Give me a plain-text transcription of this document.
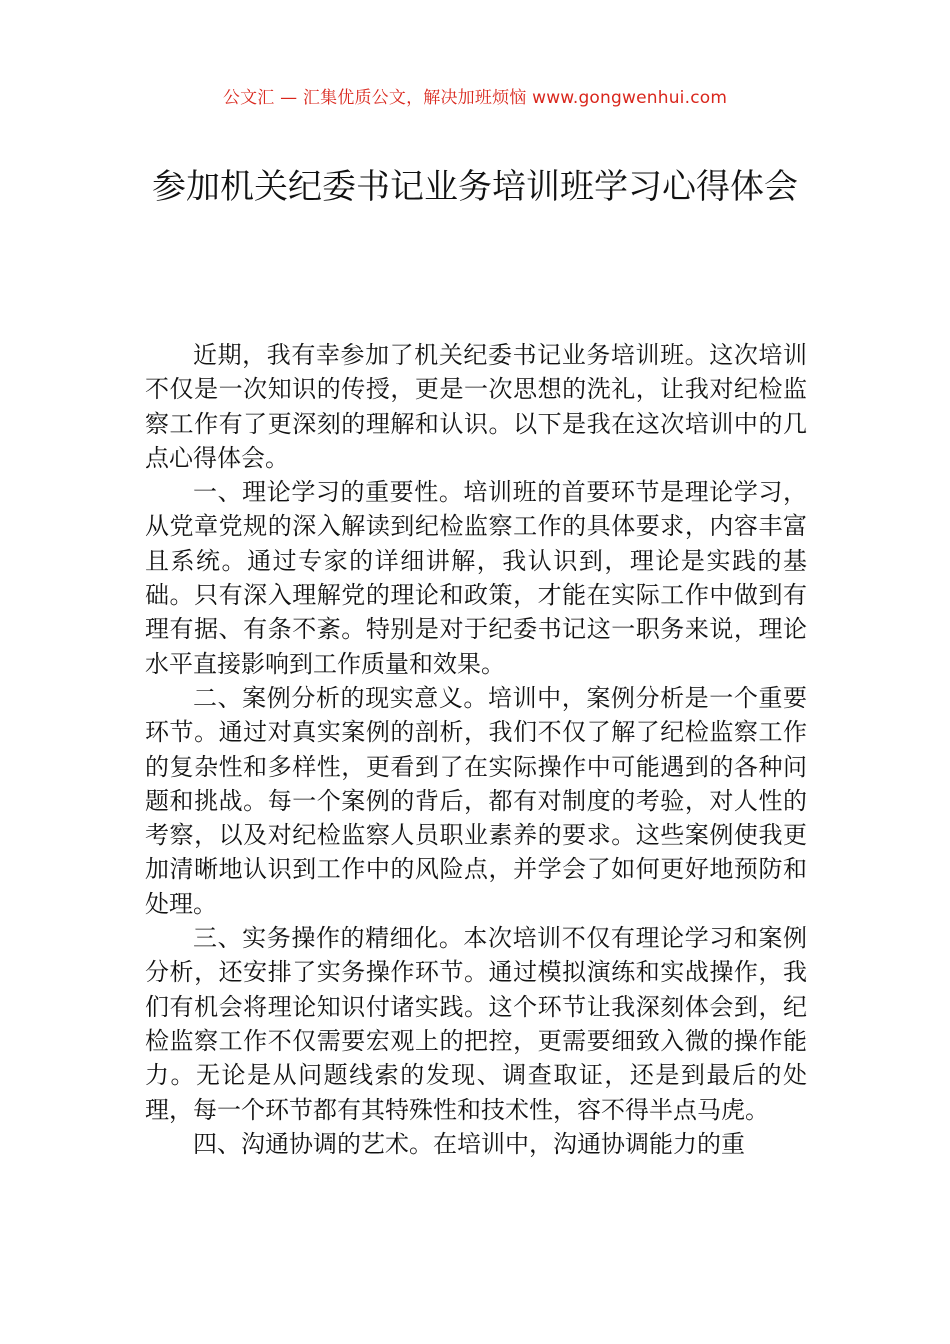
公文汇 — 汇集优质公文，解决加班烦恼 www.gongwenhui.com
参加机关纪委书记业务培训班学习心得体会

近期，我有幸参加了机关纪委书记业务培训班。这次培训不仅是一次知识的传授，更是一次思想的洗礼，让我对纪检监察工作有了更深刻的理解和认识。以下是我在这次培训中的几点心得体会。

一、理论学习的重要性。培训班的首要环节是理论学习，从党章党规的深入解读到纪检监察工作的具体要求，内容丰富且系统。通过专家的详细讲解，我认识到，理论是实践的基础。只有深入理解党的理论和政策，才能在实际工作中做到有理有据、有条不紊。特别是对于纪委书记这一职务来说，理论水平直接影响到工作质量和效果。

二、案例分析的现实意义。培训中，案例分析是一个重要环节。通过对真实案例的剖析，我们不仅了解了纪检监察工作的复杂性和多样性，更看到了在实际操作中可能遇到的各种问题和挑战。每一个案例的背后，都有对制度的考验，对人性的考察，以及对纪检监察人员职业素养的要求。这些案例使我更加清晰地认识到工作中的风险点，并学会了如何更好地预防和处理。

三、实务操作的精细化。本次培训不仅有理论学习和案例分析，还安排了实务操作环节。通过模拟演练和实战操作，我们有机会将理论知识付诸实践。这个环节让我深刻体会到，纪检监察工作不仅需要宏观上的把控，更需要细致入微的操作能力。无论是从问题线索的发现、调查取证，还是到最后的处理，每一个环节都有其特殊性和技术性，容不得半点马虎。

四、沟通协调的艺术。在培训中，沟通协调能力的重
